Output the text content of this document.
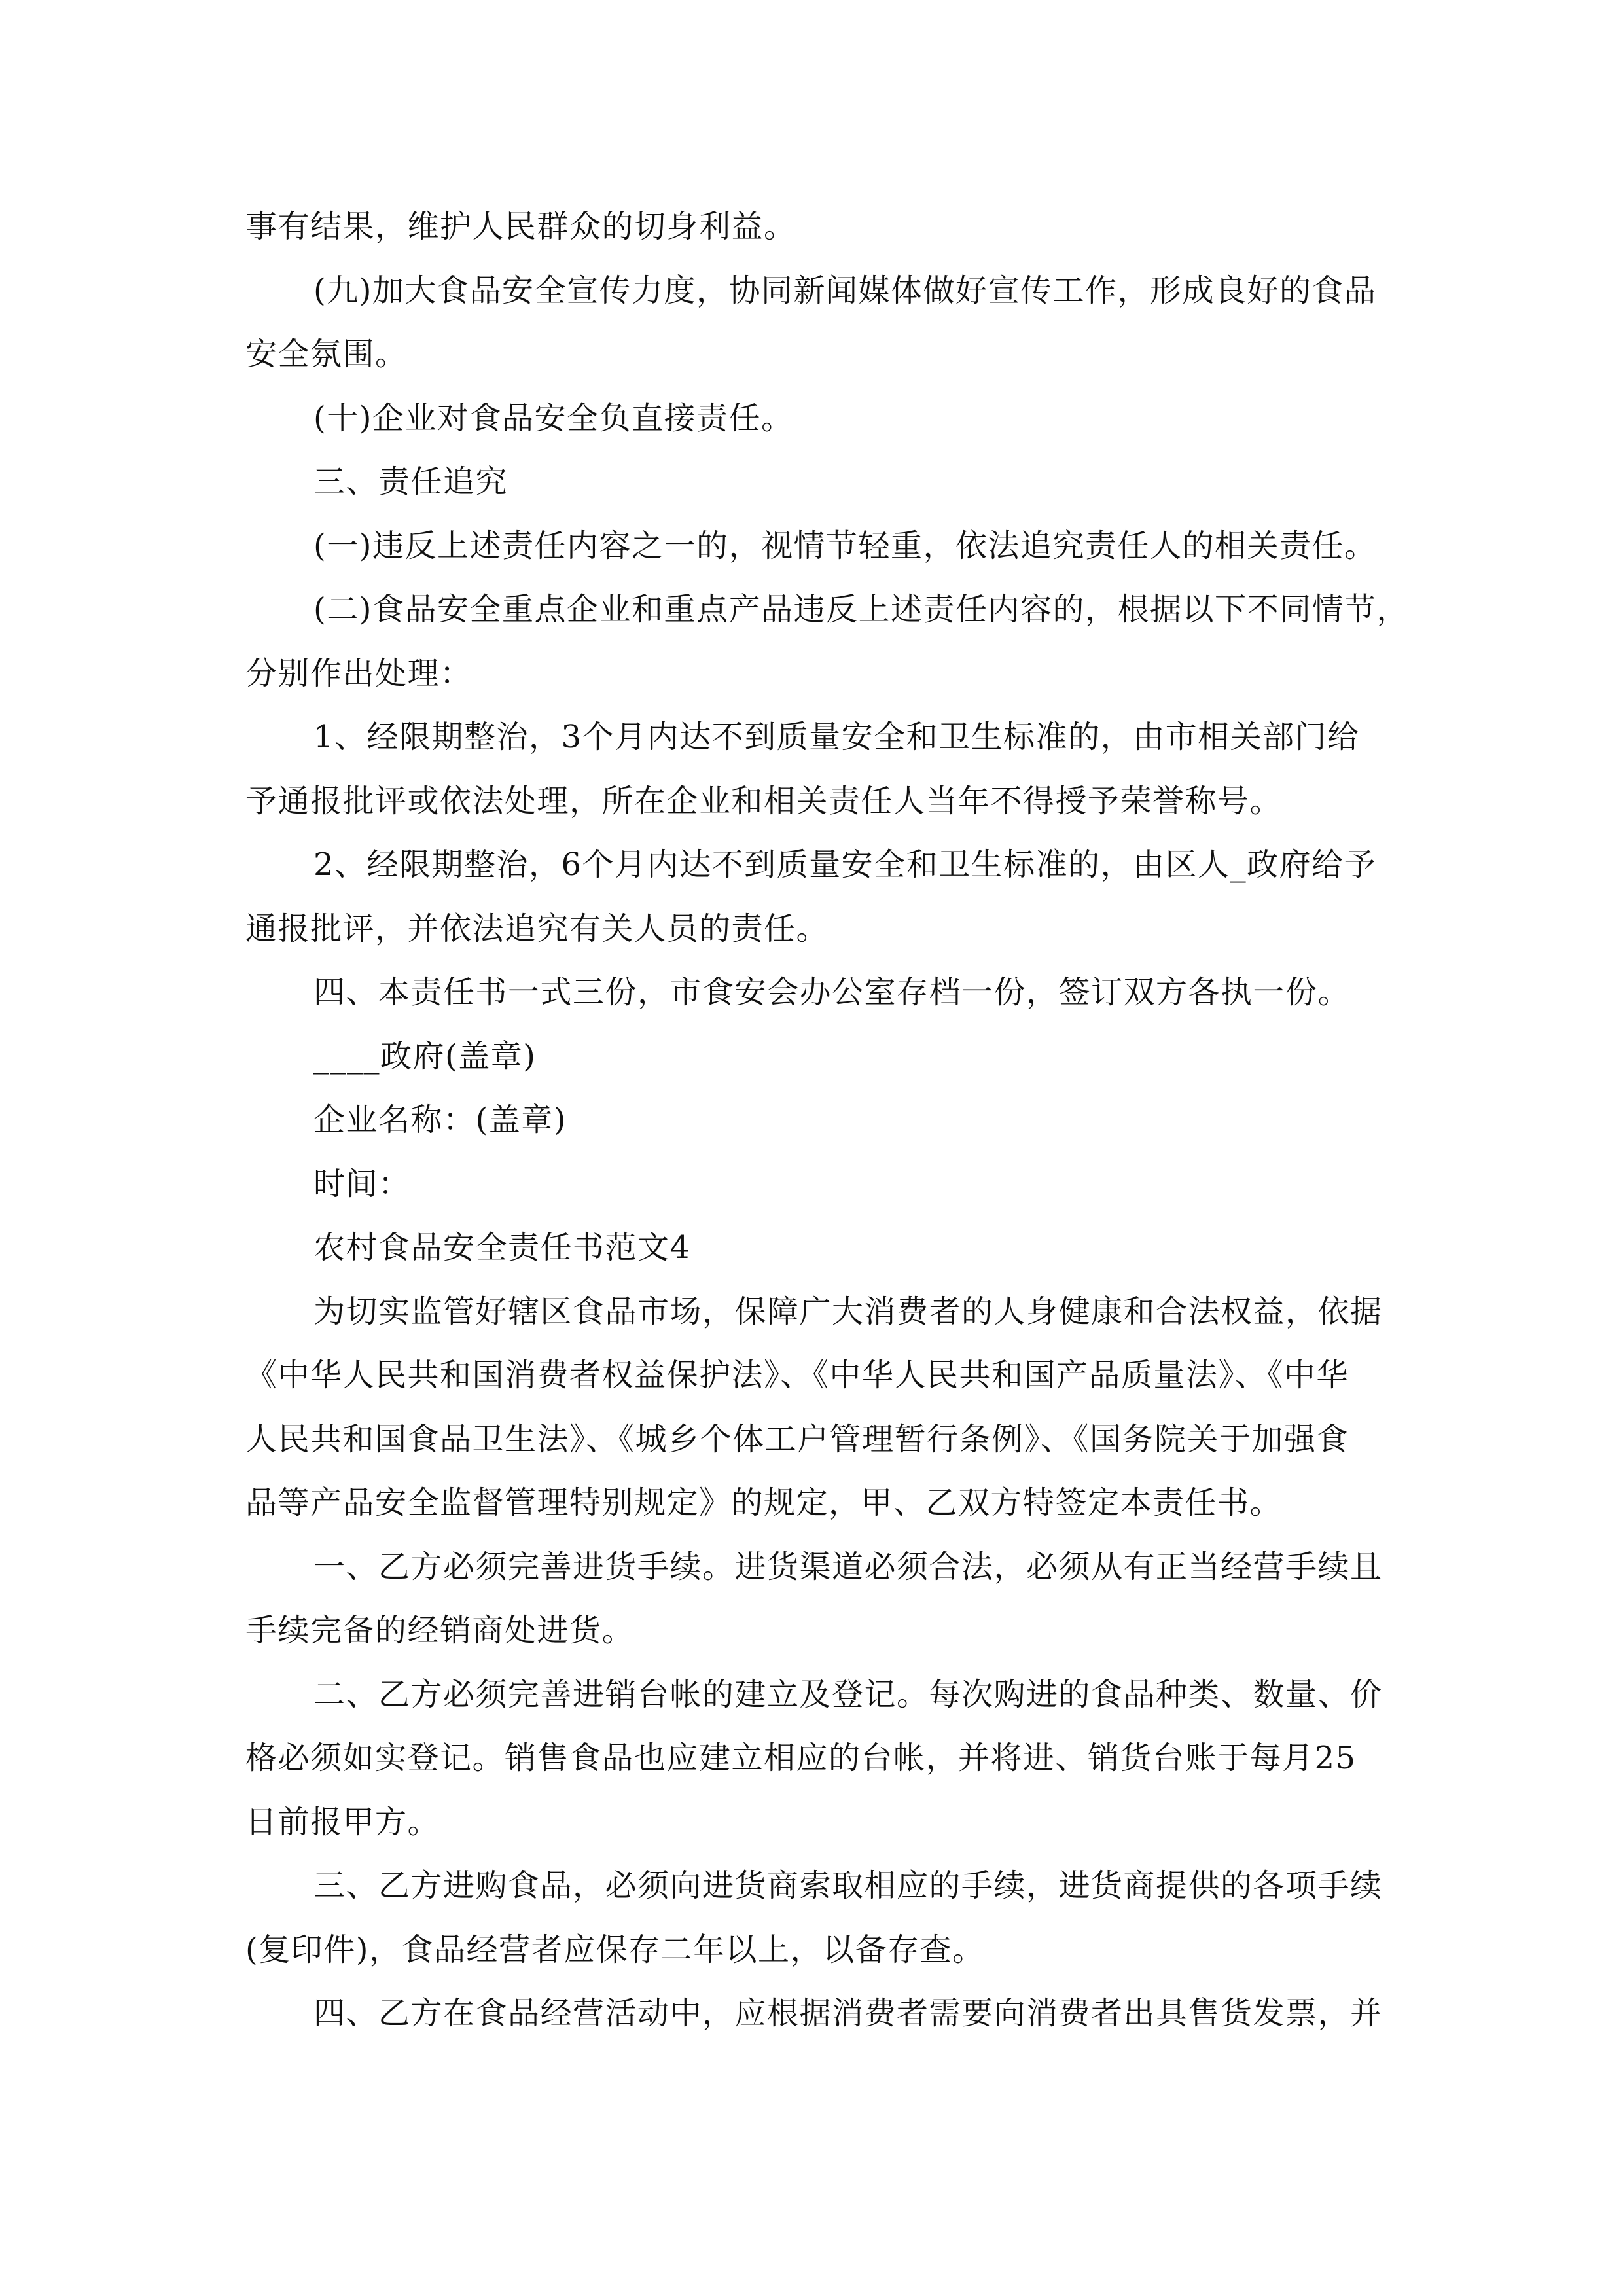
事有结果，维护人民群众的切身利益。
(九)加大食品安全宣传力度，协同新闻媒体做好宣传工作，形成良好的食品
安全氛围。
(十)企业对食品安全负直接责任。
三、责任追究
(一)违反上述责任内容之一的，视情节轻重，依法追究责任人的相关责任。
(二)食品安全重点企业和重点产品违反上述责任内容的，根据以下不同情节，
分别作出处理：
1、经限期整治，3个月内达不到质量安全和卫生标准的，由市相关部门给
予通报批评或依法处理，所在企业和相关责任人当年不得授予荣誉称号。
2、经限期整治，6个月内达不到质量安全和卫生标准的，由区人_政府给予
通报批评，并依法追究有关人员的责任。
四、本责任书一式三份，市食安会办公室存档一份，签订双方各执一份。
____政府(盖章)
企业名称：(盖章)
时间：
农村食品安全责任书范文4
为切实监管好辖区食品市场，保障广大消费者的人身健康和合法权益，依据
《中华人民共和国消费者权益保护法》、《中华人民共和国产品质量法》、《中华
人民共和国食品卫生法》、《城乡个体工户管理暂行条例》、《国务院关于加强食
品等产品安全监督管理特别规定》的规定，甲、乙双方特签定本责任书。
一、乙方必须完善进货手续。进货渠道必须合法，必须从有正当经营手续且
手续完备的经销商处进货。
二、乙方必须完善进销台帐的建立及登记。每次购进的食品种类、数量、价
格必须如实登记。销售食品也应建立相应的台帐，并将进、销货台账于每月25
日前报甲方。
三、乙方进购食品，必须向进货商索取相应的手续，进货商提供的各项手续
(复印件)，食品经营者应保存二年以上，以备存查。
四、乙方在食品经营活动中，应根据消费者需要向消费者出具售货发票，并
